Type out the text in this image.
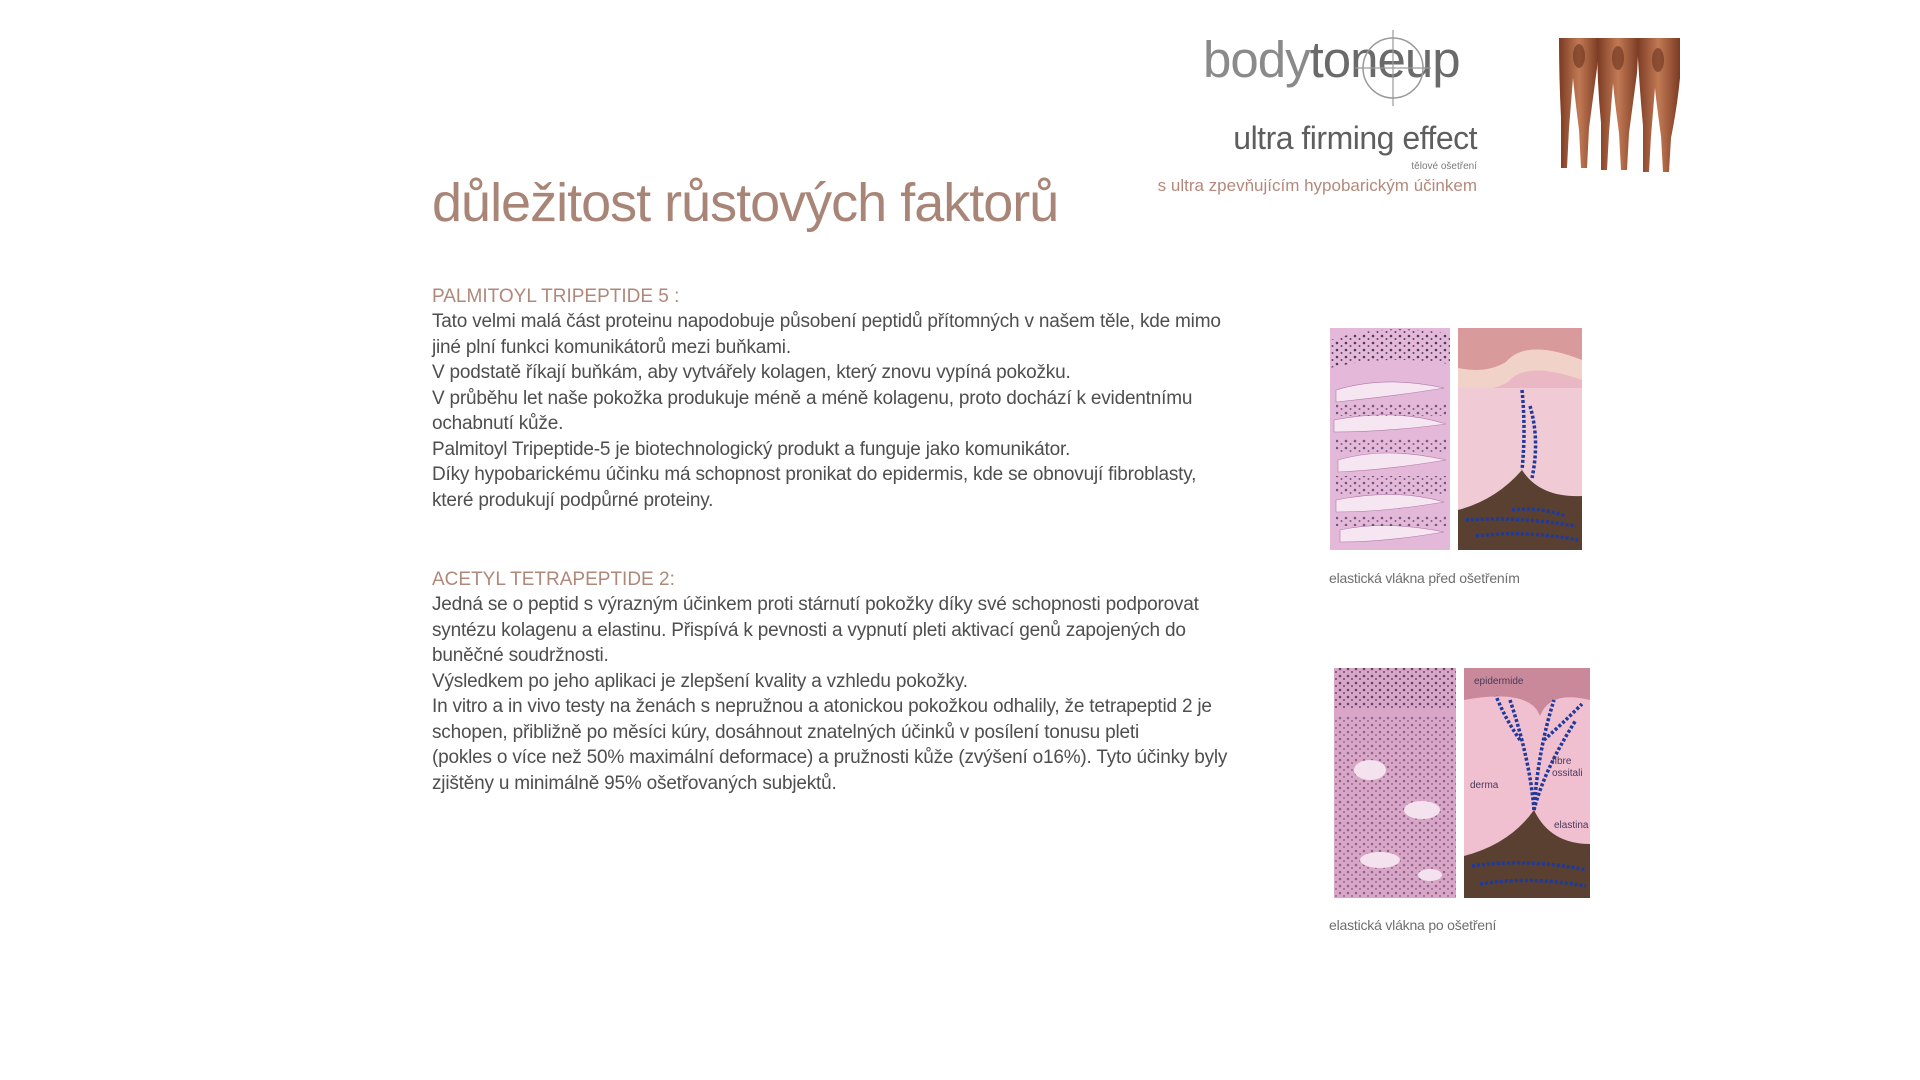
bodytoneup
ultra firming effect
tělové ošetření
s ultra zpevňujícím hypobarickým účinkem
důležitost růstových faktorů
PALMITOYL TRIPEPTIDE 5 :
Tato velmi malá část proteinu napodobuje působení peptidů přítomných v našem těle, kde mimo
jiné plní funkci komunikátorů mezi buňkami.
V podstatě říkají buňkám, aby vytvářely kolagen, který znovu vypíná pokožku.
V průběhu let naše pokožka produkuje méně a méně kolagenu, proto dochází k evidentnímu
ochabnutí kůže.
Palmitoyl Tripeptide-5 je biotechnologický produkt a funguje jako komunikátor.
Díky hypobarickému účinku má schopnost pronikat do epidermis, kde se obnovují fibroblasty,
které produkují podpůrné proteiny.
ACETYL TETRAPEPTIDE 2:
Jedná se o peptid s výrazným účinkem proti stárnutí pokožky díky své schopnosti podporovat
syntézu kolagenu a elastinu. Přispívá k pevnosti a vypnutí pleti aktivací genů zapojených do
buněčné soudržnosti.
Výsledkem po jeho aplikaci je zlepšení kvality a vzhledu pokožky.
In vitro a in vivo testy na ženách s nepružnou a atonickou pokožkou odhalily, že tetrapeptid 2 je
schopen, přibližně po měsíci kúry, dosáhnout znatelných účinků v posílení tonusu pleti
(pokles o více než 50% maximální deformace) a pružnosti kůže (zvýšení o16%). Tyto účinky byly
zjištěny u minimálně 95% ošetřovaných subjektů.
elastická vlákna před ošetřením
epidermide
fibre
ossitali
derma
elastina
elastická vlákna po ošetření
